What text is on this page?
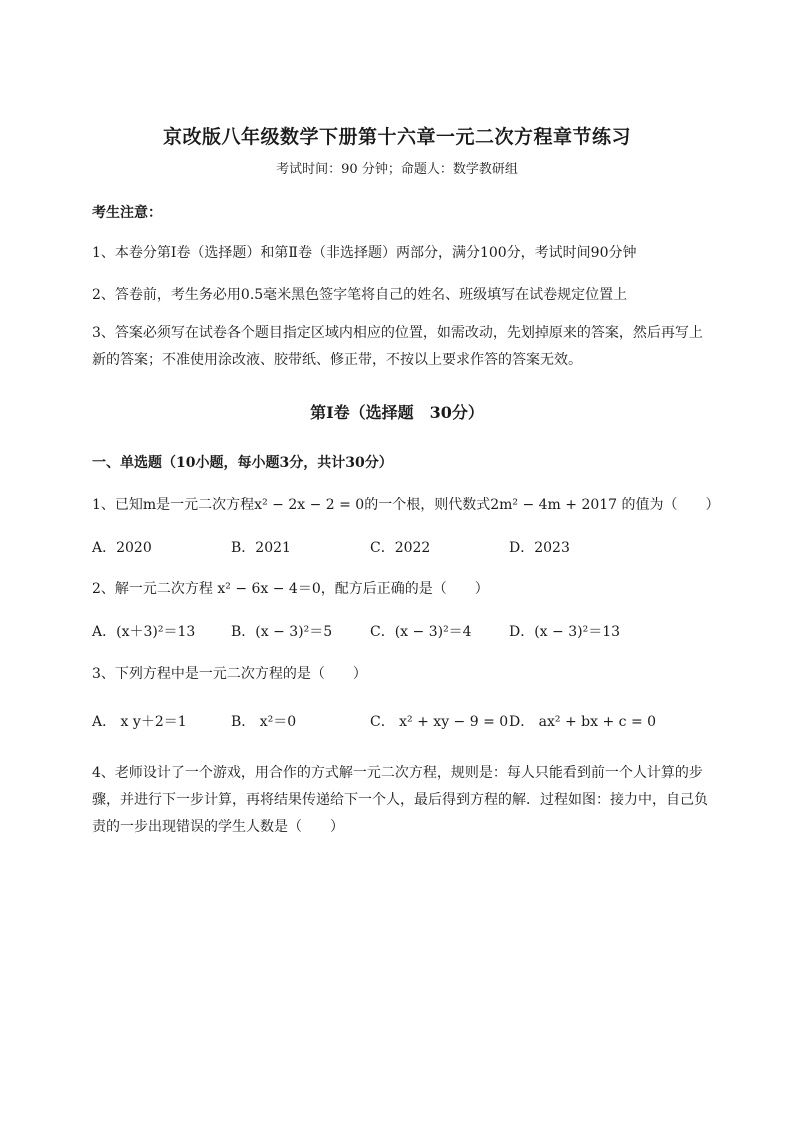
京改版八年级数学下册第十六章一元二次方程章节练习
考试时间：90 分钟；命题人：数学教研组
考生注意：
1、本卷分第Ⅰ卷（选择题）和第Ⅱ卷（非选择题）两部分，满分100分，考试时间90分钟
2、答卷前，考生务必用0.5毫米黑色签字笔将自己的姓名、班级填写在试卷规定位置上
3、答案必须写在试卷各个题目指定区域内相应的位置，如需改动，先划掉原来的答案，然后再写上新的答案；不准使用涂改液、胶带纸、修正带，不按以上要求作答的答案无效。
第Ⅰ卷（选择题　30分）
一、单选题（10小题，每小题3分，共计30分）
1、已知m是一元二次方程x² − 2x − 2 = 0的一个根，则代数式2m² − 4m + 2017 的值为（　　）
A．2020	B．2021	C．2022	D．2023
2、解一元二次方程 x² − 6x − 4＝0，配方后正确的是（　　）
A．(x＋3)²＝13	B．(x − 3)²＝5	C．(x − 3)²＝4	D．(x − 3)²＝13
3、下列方程中是一元二次方程的是（　　）
A． x y＋2＝1	B． x²＝0	C． x² + xy − 9 = 0 D． ax² + bx + c = 0
4、老师设计了一个游戏，用合作的方式解一元二次方程，规则是：每人只能看到前一个人计算的步骤，并进行下一步计算，再将结果传递给下一个人，最后得到方程的解．过程如图：接力中，自己负责的一步出现错误的学生人数是（　　）
